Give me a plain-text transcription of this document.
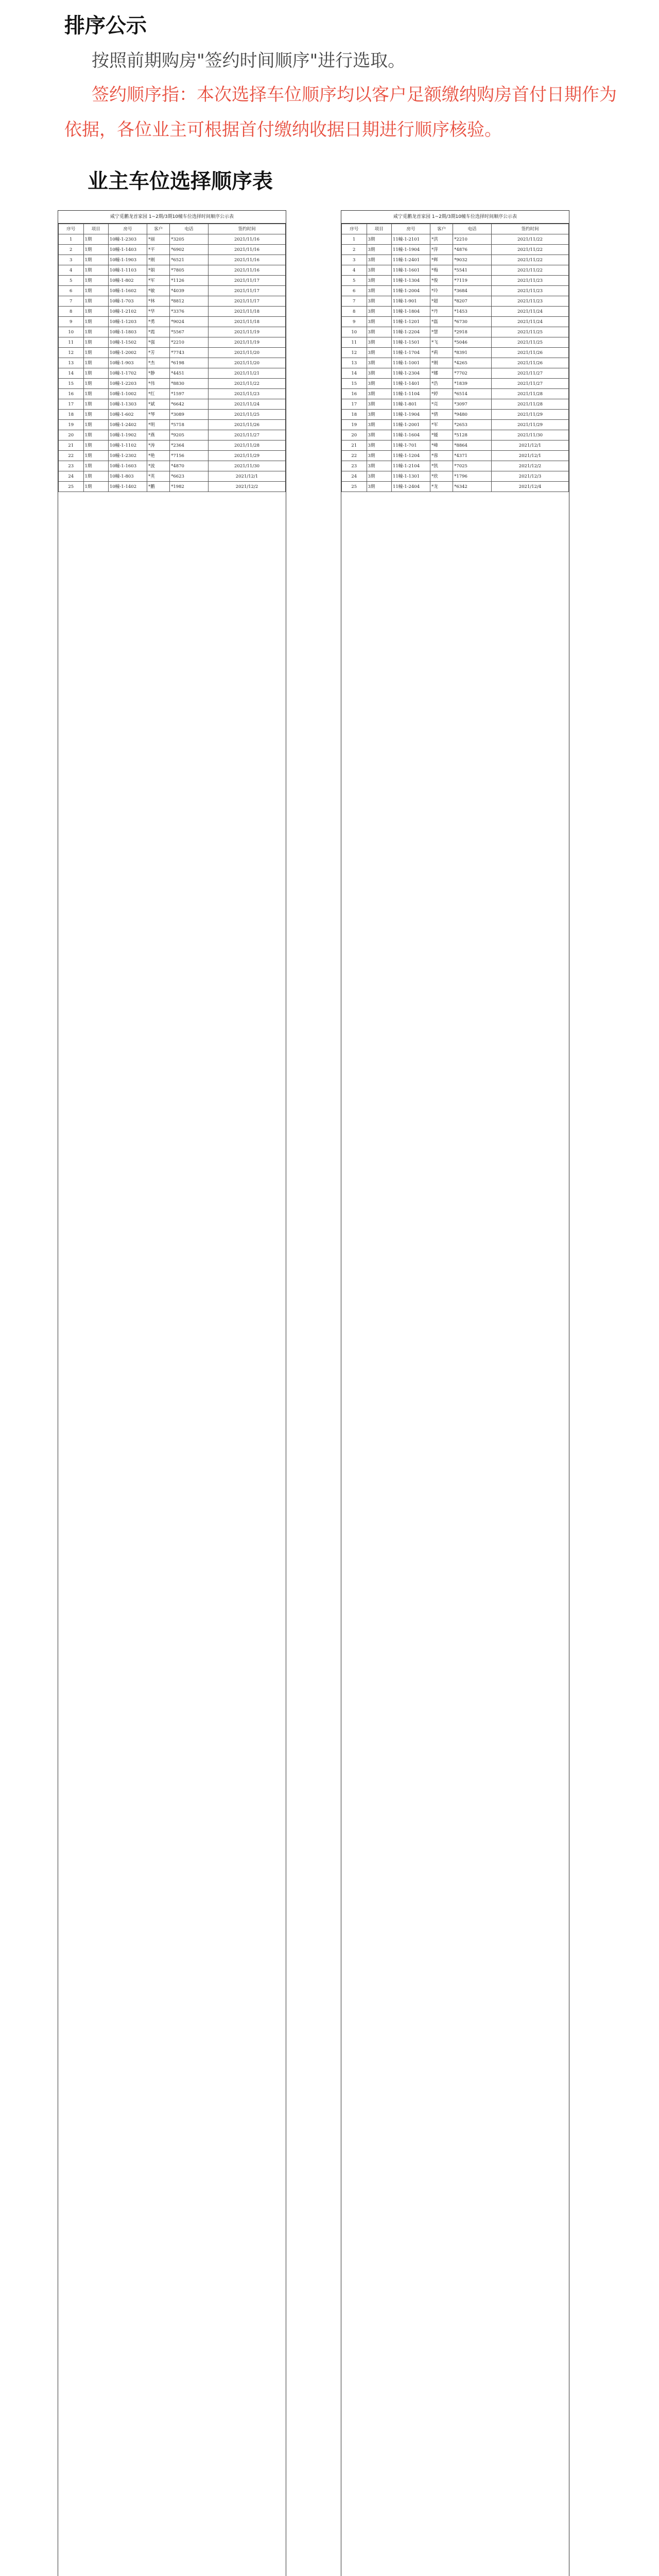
排序公示

按照前期购房"签约时间顺序"进行选取。

签约顺序指：本次选择车位顺序均以客户足额缴纳购房首付日期作为依据，各位业主可根据首付缴纳收据日期进行顺序核验。

业主车位选择顺序表
咸宁觅鹏龙首家园 1~2期/3期10幢车位选择时间顺序公示表
序号	项目	房号	客户	电话	签约时间
1	1期	10幢-1-2303	*丽	*3205	2021/11/16
2	1期	10幢-1-1403	*平	*6902	2021/11/16
3	1期	10幢-1-1903	*刚	*6521	2021/11/16
4	1期	10幢-1-1103	*娟	*7805	2021/11/16
5	1期	10幢-1-802	*军	*1126	2021/11/17
6	1期	10幢-1-1602	*敏	*4039	2021/11/17
7	1期	10幢-1-703	*林	*8812	2021/11/17
8	1期	10幢-1-2102	*华	*3376	2021/11/18
9	1期	10幢-1-1203	*勇	*9024	2021/11/18
10	1期	10幢-1-1803	*霞	*5567	2021/11/19
11	1期	10幢-1-1502	*强	*2210	2021/11/19
12	1期	10幢-1-2002	*芳	*7743	2021/11/20
13	1期	10幢-1-903	*杰	*6198	2021/11/20
14	1期	10幢-1-1702	*静	*4451	2021/11/21
15	1期	10幢-1-2203	*伟	*8830	2021/11/22
16	1期	10幢-1-1002	*红	*1597	2021/11/23
17	1期	10幢-1-1303	*斌	*6642	2021/11/24
18	1期	10幢-1-602	*琴	*3089	2021/11/25
19	1期	10幢-1-2402	*明	*5718	2021/11/26
20	1期	10幢-1-1902	*燕	*9205	2021/11/27
21	1期	10幢-1-1102	*涛	*2364	2021/11/28
22	1期	10幢-1-2302	*艳	*7156	2021/11/29
23	1期	10幢-1-1603	*波	*4870	2021/11/30
24	1期	10幢-1-803	*英	*6623	2021/12/1
25	1期	10幢-1-1402	*鹏	*1982	2021/12/2
咸宁觅鹏龙首家园 1~2期/3期10幢车位选择时间顺序公示表
序号	项目	房号	客户	电话	签约时间
1	3期	11幢-1-2101	*洪	*2210	2021/11/22
2	3期	11幢-1-1904	*萍	*4876	2021/11/22
3	3期	11幢-1-2401	*辉	*9032	2021/11/22
4	3期	11幢-1-1601	*梅	*5541	2021/11/22
5	3期	11幢-1-1304	*俊	*7119	2021/11/23
6	3期	11幢-1-2004	*玲	*3684	2021/11/23
7	3期	11幢-1-901	*超	*8207	2021/11/23
8	3期	11幢-1-1804	*丹	*1453	2021/11/24
9	3期	11幢-1-1201	*磊	*6730	2021/11/24
10	3期	11幢-1-2204	*慧	*2918	2021/11/25
11	3期	11幢-1-1501	*飞	*5046	2021/11/25
12	3期	11幢-1-1704	*莉	*8391	2021/11/26
13	3期	11幢-1-1001	*刚	*4265	2021/11/26
14	3期	11幢-1-2304	*娜	*7702	2021/11/27
15	3期	11幢-1-1401	*浩	*1839	2021/11/27
16	3期	11幢-1-1104	*婷	*6514	2021/11/28
17	3期	11幢-1-801	*亮	*3097	2021/11/28
18	3期	11幢-1-1904	*倩	*9480	2021/11/29
19	3期	11幢-1-2001	*军	*2653	2021/11/29
20	3期	11幢-1-1604	*媛	*5128	2021/11/30
21	3期	11幢-1-701	*峰	*8864	2021/12/1
22	3期	11幢-1-1204	*蓉	*4371	2021/12/1
23	3期	11幢-1-2104	*凯	*7025	2021/12/2
24	3期	11幢-1-1301	*欣	*1796	2021/12/3
25	3期	11幢-1-2404	*龙	*6342	2021/12/4
